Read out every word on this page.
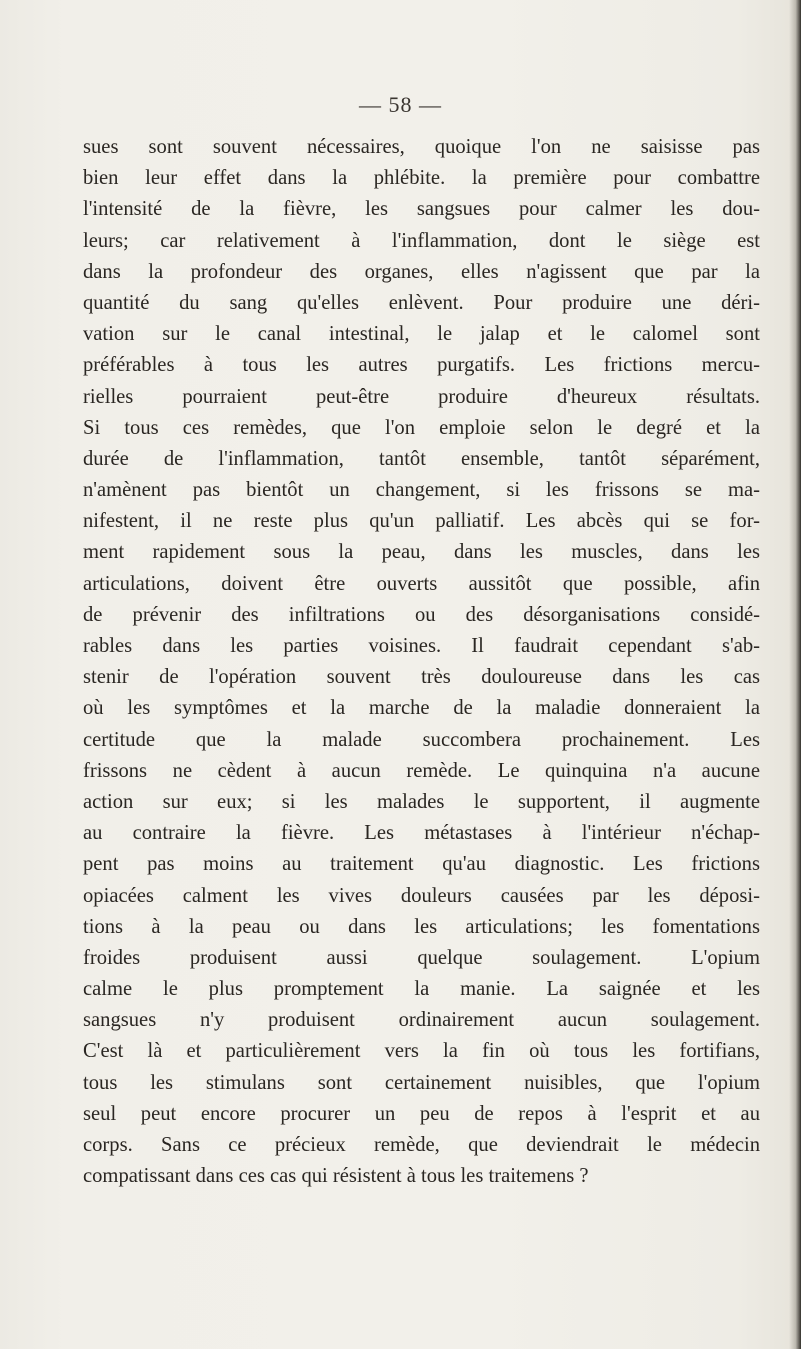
— 58 —
sues sont souvent nécessaires, quoique l'on ne saisisse pas
bien leur effet dans la phlébite. la première pour combattre
l'intensité de la fièvre, les sangsues pour calmer les dou-
leurs; car relativement à l'inflammation, dont le siège est
dans la profondeur des organes, elles n'agissent que par la
quantité du sang qu'elles enlèvent. Pour produire une déri-
vation sur le canal intestinal, le jalap et le calomel sont
préférables à tous les autres purgatifs. Les frictions mercu-
rielles pourraient peut-être produire d'heureux résultats.
Si tous ces remèdes, que l'on emploie selon le degré et la
durée de l'inflammation, tantôt ensemble, tantôt séparément,
n'amènent pas bientôt un changement, si les frissons se ma-
nifestent, il ne reste plus qu'un palliatif. Les abcès qui se for-
ment rapidement sous la peau, dans les muscles, dans les
articulations, doivent être ouverts aussitôt que possible, afin
de prévenir des infiltrations ou des désorganisations considé-
rables dans les parties voisines. Il faudrait cependant s'ab-
stenir de l'opération souvent très douloureuse dans les cas
où les symptômes et la marche de la maladie donneraient la
certitude que la malade succombera prochainement. Les
frissons ne cèdent à aucun remède. Le quinquina n'a aucune
action sur eux; si les malades le supportent, il augmente
au contraire la fièvre. Les métastases à l'intérieur n'échap-
pent pas moins au traitement qu'au diagnostic. Les frictions
opiacées calment les vives douleurs causées par les déposi-
tions à la peau ou dans les articulations; les fomentations
froides produisent aussi quelque soulagement. L'opium
calme le plus promptement la manie. La saignée et les
sangsues n'y produisent ordinairement aucun soulagement.
C'est là et particulièrement vers la fin où tous les fortifians,
tous les stimulans sont certainement nuisibles, que l'opium
seul peut encore procurer un peu de repos à l'esprit et au
corps. Sans ce précieux remède, que deviendrait le médecin
compatissant dans ces cas qui résistent à tous les traitemens ?
